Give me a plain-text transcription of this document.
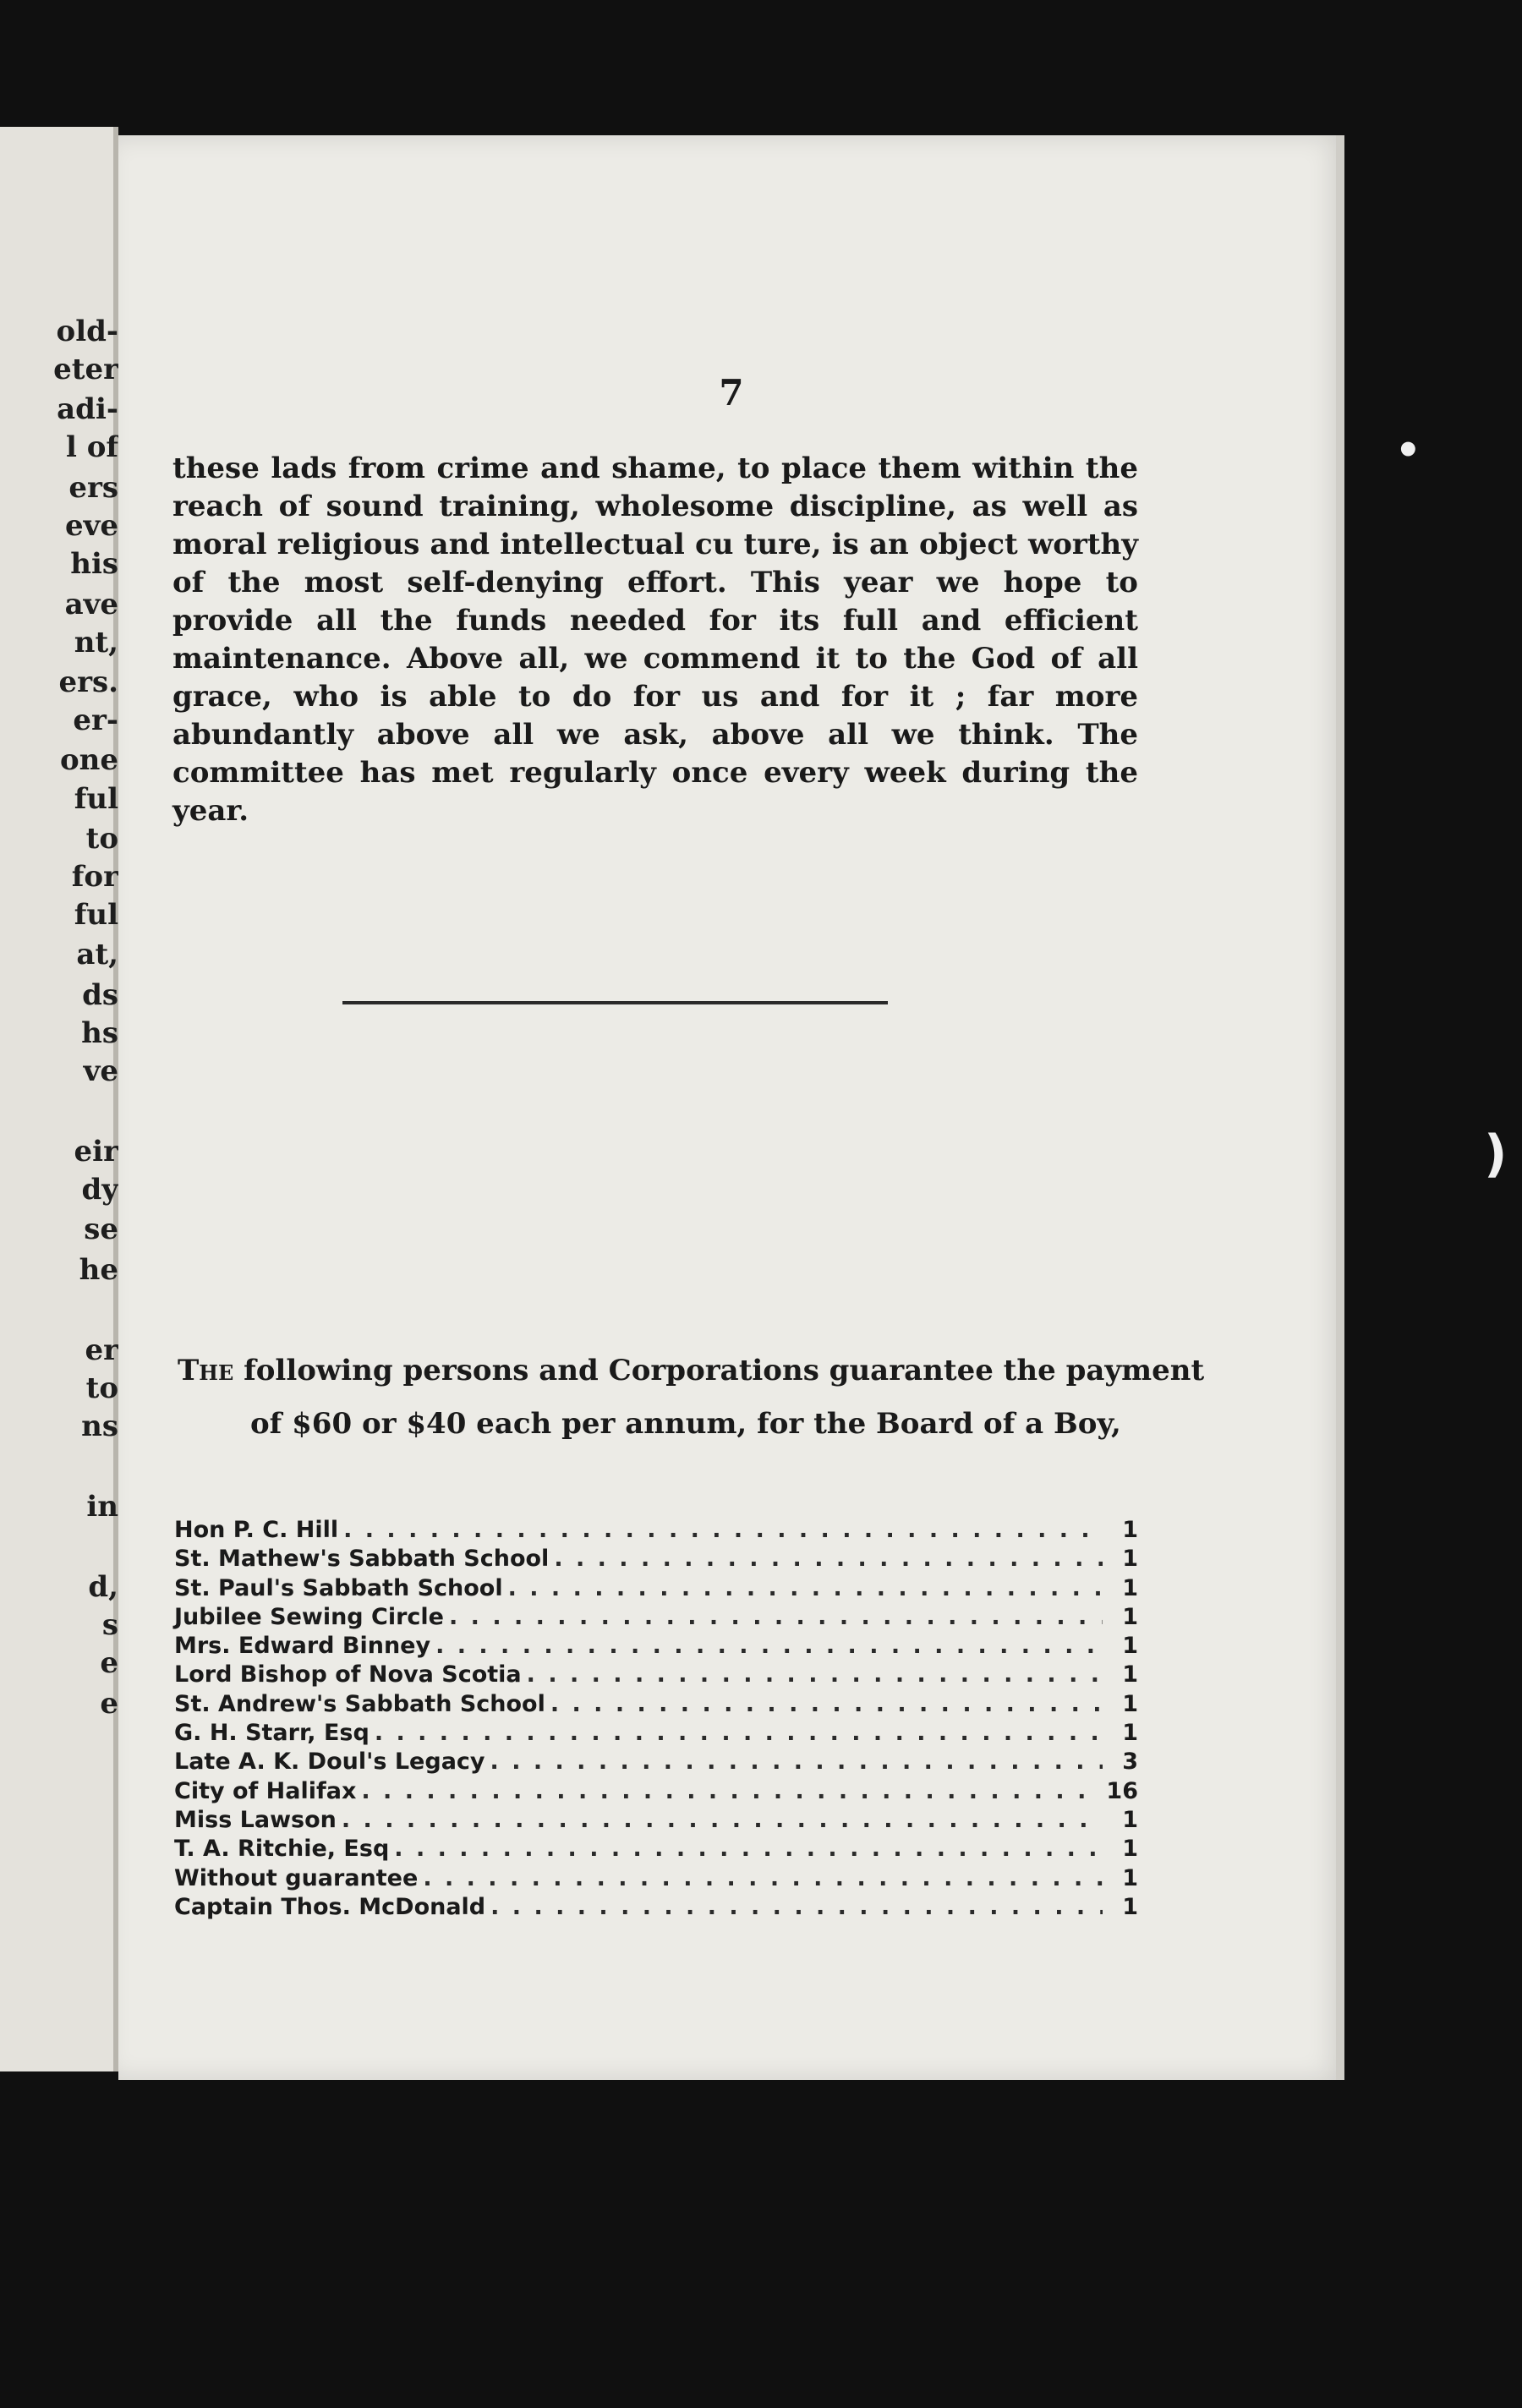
old-
eter
adi-
l of
ers
eve
his
ave
nt,
ers.
er-
one
ful
to
for
ful
at,
ds
hs
ve
eir
dy
se
he
er
to
ns
in
d,
s
e
e
7

these lads from crime and shame, to place them within the reach of sound training, wholesome discipline, as well as moral religious and intellectual cu ture, is an object worthy of the most self-denying effort. This year we hope to provide all the funds needed for its full and efficient maintenance. Above all, we commend it to the God of all grace, who is able to do for us and for it ; far more abundantly above all we ask, above all we think. The committee has met regularly once every week during the year.

The following persons and Corporations guarantee the payment of $60 or $40 each per annum, for the Board of a Boy,

Hon P. C. Hill . . .	1
St. Mathew's Sabbath School . . .	1
St. Paul's Sabbath School . . .	1
Jubilee Sewing Circle . . .	1
Mrs. Edward Binney . . .	1
Lord Bishop of Nova Scotia . . .	1
St. Andrew's Sabbath School . . .	1
G. H. Starr, Esq . . .	1
Late A. K. Doul's Legacy . . .	3
City of Halifax . . .	16
Miss Lawson . . .	1
T. A. Ritchie, Esq . . .	1
Without guarantee . . .	1
Captain Thos. McDonald . . .	1
•
)
